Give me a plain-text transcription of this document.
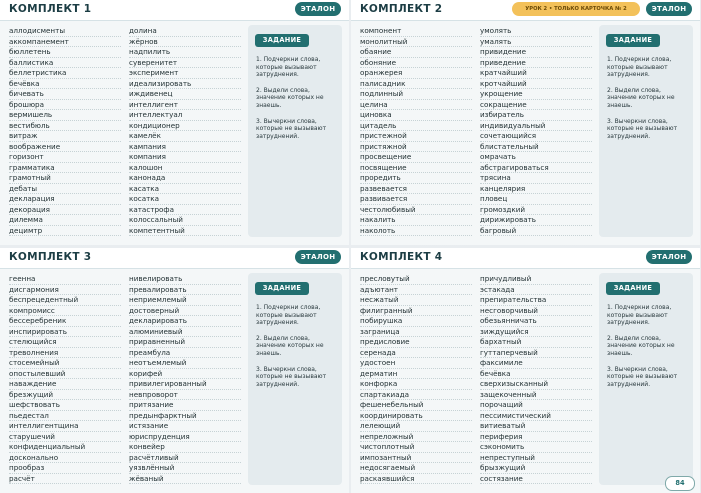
КОМПЛЕКТ 1	ЭТАЛОН
аллодисменты
аккомпанемент
бюллетень
баллистика
беллетристика
бечёвка
бичевать
брошюра
вермишель
вестибюль
витраж
воображение
горизонт
грамматика
грамотный
дебаты
декларация
декорация
дилемма
децимтр
долина
жёрнов
надпилить
суверенитет
эксперимент
идеализировать
иждивенец
интеллигент
интеллектуал
кондиционер
камелёк
кампания
компания
калошон
канонада
касатка
косатка
катастрофа
колоссальный
компетентный
ЗАДАНИЕ
1. Подчеркни слова, которые вызывают затруднения.
2. Выдели слова, значение которых не знаешь.
3. Вычеркни слова, которые не вызывают затруднений.
КОМПЛЕКТ 2	УРОК 2 • ТОЛЬКО КАРТОЧКА № 2	ЭТАЛОН
компонент
монолитный
обаяние
обоняние
оранжерея
палисадник
подлинный
целина
циновка
цитадель
пристежной
пристяжной
просвещение
посвящение
проредить
развевается
развивается
честолюбивый
накалить
наколоть
умолять
умалять
привидение
приведение
кратчайший
кротчайший
укрощение
сокращение
избиратель
индивидуальный
сочетающийся
блистательный
омрачать
абстрагироваться
трясина
канцелярия
пловец
громоздкий
дирижировать
багровый
ЗАДАНИЕ
1. Подчеркни слова, которые вызывают затруднения.
2. Выдели слова, значение которых не знаешь.
3. Вычеркни слова, которые не вызывают затруднений.
КОМПЛЕКТ 3	ЭТАЛОН
геенна
дисгармония
беспрецедентный
компромисс
бессеребреник
инспирировать
стелющийся
треволнения
стосемейный
опостылевший
наваждение
брезжущий
шефствовать
пьедестал
интеллигентщина
старушечий
конфиденциальный
досконально
прообраз
расчёт
нивелировать
превалировать
неприемлемый
достоверный
декларировать
алюминиевый
приравненный
преамбула
неотъемлемый
корифей
привилегированный
невпроворот
притязание
предынфарктный
истязание
юриспруденция
конвейер
расчётливый
уязвлённый
жёваный
ЗАДАНИЕ
1. Подчеркни слова, которые вызывают затруднения.
2. Выдели слова, значение которых не знаешь.
3. Вычеркни слова, которые не вызывают затруднений.
КОМПЛЕКТ 4	ЭТАЛОН
пресловутый
адъютант
несжатый
филигранный
побирушка
заграница
предисловие
серенада
удостоен
дерматин
конфорка
спартакиада
фешенебельный
координировать
лелеющий
непреложный
чистоплотный
импозантный
недосягаемый
раскаявшийся
причудливый
эстакада
препирательства
несговорчивый
обезьянничать
зиждущийся
бархатный
гуттаперчевый
факсимиле
бечёвка
сверхизысканный
защекоченный
порочащий
пессимистический
витиеватый
периферия
сэкономить
непреступный
брызжущий
состязание
ЗАДАНИЕ
1. Подчеркни слова, которые вызывают затруднения.
2. Выдели слова, значение которых не знаешь.
3. Вычеркни слова, которые не вызывают затруднений.
84
